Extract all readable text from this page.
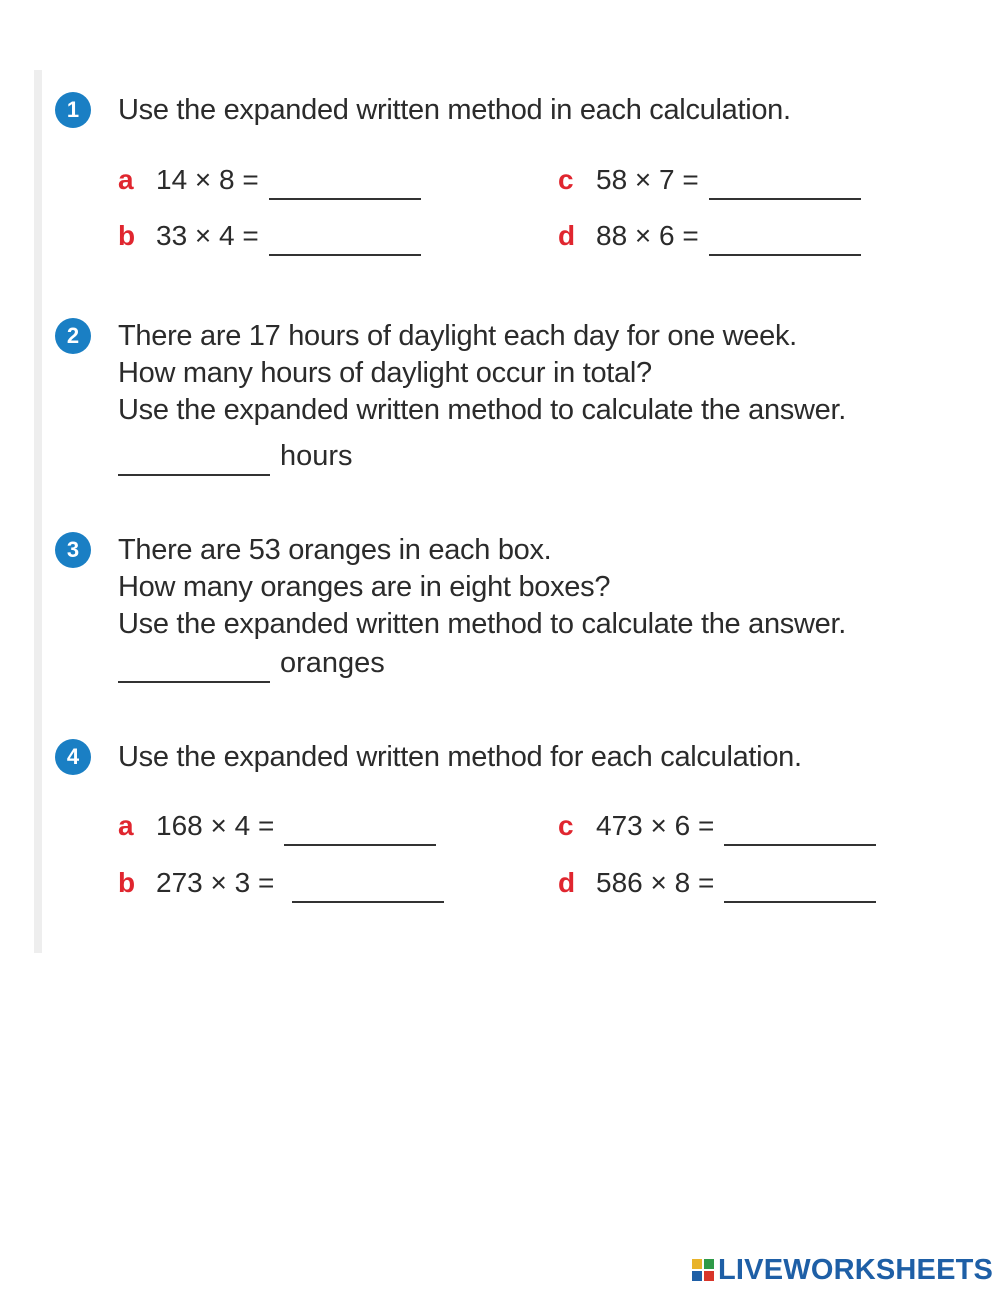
1	Use the expanded written method in each calculation.
a 14 × 8 =
b 33 × 4 =
c 58 × 7 =
d 88 × 6 =
2	There are 17 hours of daylight each day for one week.
How many hours of daylight occur in total?
Use the expanded written method to calculate the answer.
hours
3	There are 53 oranges in each box.
How many oranges are in eight boxes?
Use the expanded written method to calculate the answer.
oranges
4	Use the expanded written method for each calculation.
a 168 × 4 =
b 273 × 3 =
c 473 × 6 =
d 586 × 8 =
LIVEWORKSHEETS
